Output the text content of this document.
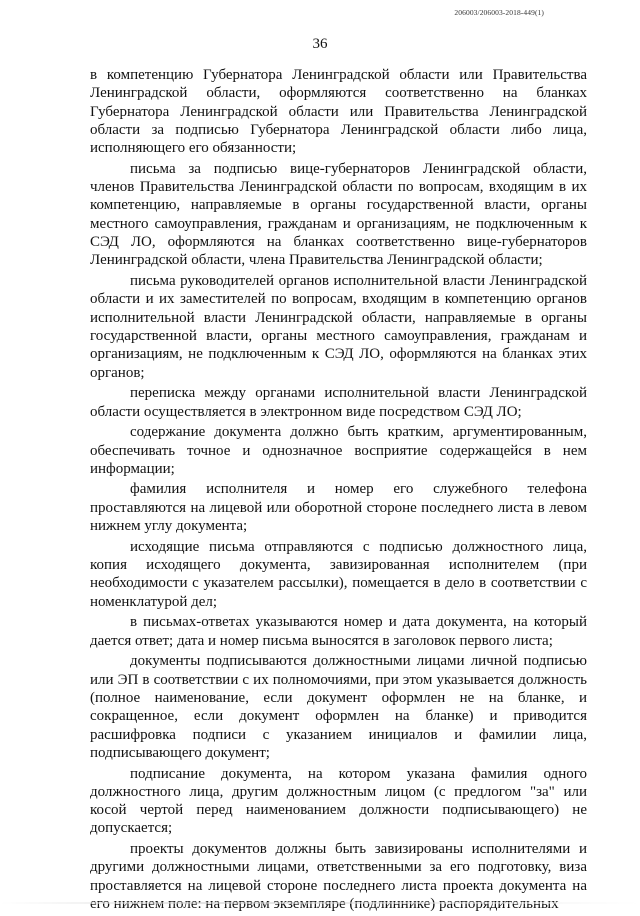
206003/206003-2018-449(1)
36

в компетенцию Губернатора Ленинградской области или Правительства Ленинградской области, оформляются соответственно на бланках Губернатора Ленинградской области или Правительства Ленинградской области за подписью Губернатора Ленинградской области либо лица, исполняющего его обязанности;

письма за подписью вице-губернаторов Ленинградской области, членов Правительства Ленинградской области по вопросам, входящим в их компетенцию, направляемые в органы государственной власти, органы местного самоуправления, гражданам и организациям, не подключенным к СЭД ЛО, оформляются на бланках соответственно вице-губернаторов Ленинградской области, члена Правительства Ленинградской области;

письма руководителей органов исполнительной власти Ленинградской области и их заместителей по вопросам, входящим в компетенцию органов исполнительной власти Ленинградской области, направляемые в органы государственной власти, органы местного самоуправления, гражданам и организациям, не подключенным к СЭД ЛО, оформляются на бланках этих органов;

переписка между органами исполнительной власти Ленинградской области осуществляется в электронном виде посредством СЭД ЛО;

содержание документа должно быть кратким, аргументированным, обеспечивать точное и однозначное восприятие содержащейся в нем информации;

фамилия исполнителя и номер его служебного телефона проставляются на лицевой или оборотной стороне последнего листа в левом нижнем углу документа;

исходящие письма отправляются с подписью должностного лица, копия исходящего документа, завизированная исполнителем (при необходимости с указателем рассылки), помещается в дело в соответствии с номенклатурой дел;

в письмах-ответах указываются номер и дата документа, на который дается ответ; дата и номер письма выносятся в заголовок первого листа;

документы подписываются должностными лицами личной подписью или ЭП в соответствии с их полномочиями, при этом указывается должность (полное наименование, если документ оформлен не на бланке, и сокращенное, если документ оформлен на бланке) и приводится расшифровка подписи с указанием инициалов и фамилии лица, подписывающего документ;

подписание документа, на котором указана фамилия одного должностного лица, другим должностным лицом (с предлогом "за" или косой чертой перед наименованием должности подписывающего) не допускается;

проекты документов должны быть завизированы исполнителями и другими должностными лицами, ответственными за его подготовку, виза проставляется на лицевой стороне последнего листа проекта документа на
